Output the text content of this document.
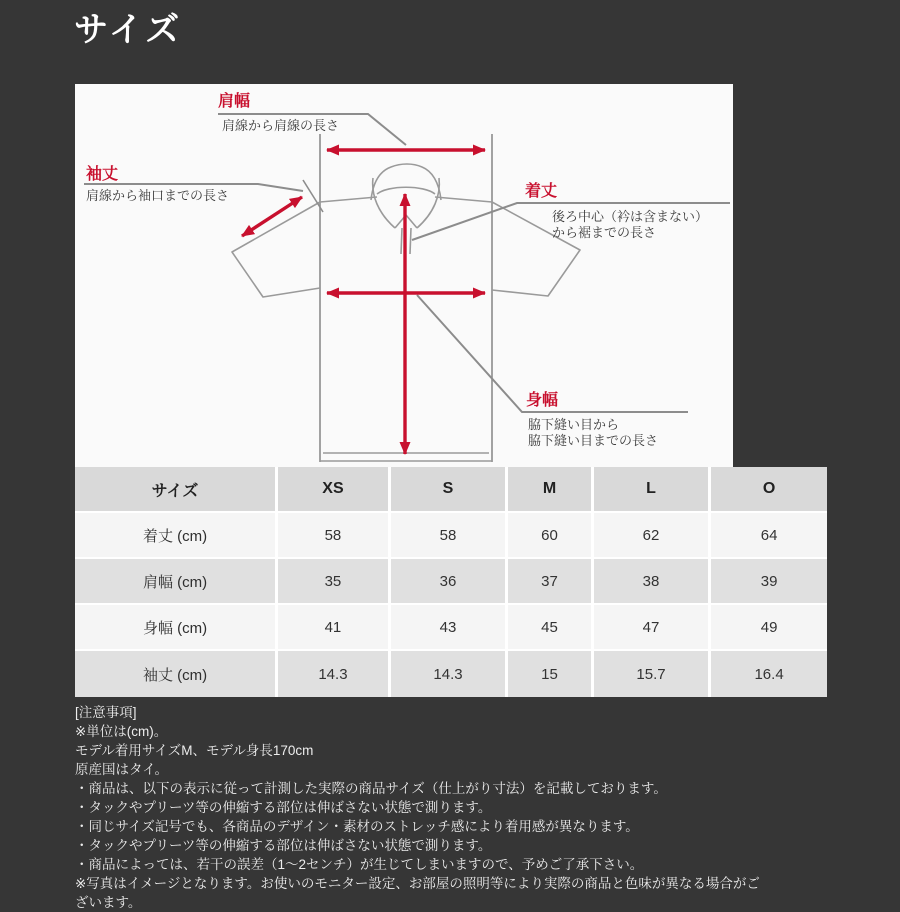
サイズ
肩幅
肩線から肩線の長さ
袖丈
肩線から袖口までの長さ	着丈
後ろ中心（衿は含まない）
から裾までの長さ
身幅
脇下縫い目から
脇下縫い目までの長さ
サイズ	XS	S	M	L	O
着丈 (cm)	58	58	60	62	64
肩幅 (cm)	35	36	37	38	39
身幅 (cm)	41	43	45	47	49
袖丈 (cm)	14.3	14.3	15	15.7	16.4
[注意事項]
※単位は(cm)。
モデル着用サイズM、モデル身長170cm
原産国はタイ。
・商品は、以下の表示に従って計測した実際の商品サイズ（仕上がり寸法）を記載しております。
・タックやプリーツ等の伸縮する部位は伸ばさない状態で測ります。
・同じサイズ記号でも、各商品のデザイン・素材のストレッチ感により着用感が異なります。
・タックやプリーツ等の伸縮する部位は伸ばさない状態で測ります。
・商品によっては、若干の誤差（1〜2センチ）が生じてしまいますので、予めご了承下さい。
※写真はイメージとなります。お使いのモニター設定、お部屋の照明等により実際の商品と色味が異なる場合がご
ざいます。
